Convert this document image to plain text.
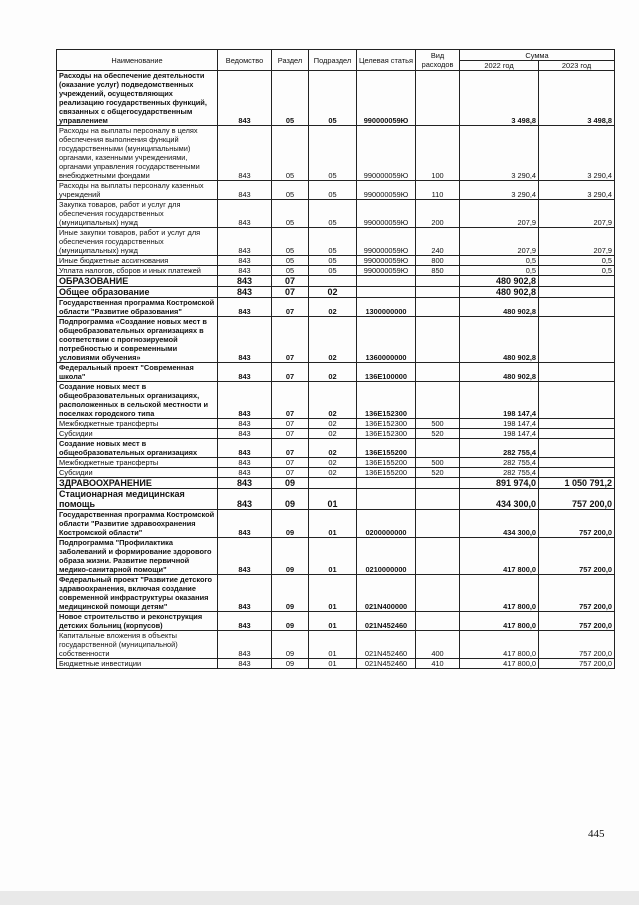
Наименование	Ведомство	Раздел	Подраздел	Целевая статья	Вид расходов	Сумма	
						2022 год	2023 год
Расходы на обеспечение деятельности (оказание услуг) подведомственных учреждений, осуществляющих реализацию государственных функций, связанных с общегосударственным управлением	843	05	05	990000059Ю		3 498,8	3 498,8
Расходы на выплаты персоналу в целях обеспечения выполнения функций государственными (муниципальными) органами, казенными учреждениями, органами управления государственными внебюджетными фондами	843	05	05	990000059Ю	100	3 290,4	3 290,4
Расходы на выплаты персоналу казенных учреждений	843	05	05	990000059Ю	110	3 290,4	3 290,4
Закупка товаров, работ и услуг для обеспечения государственных (муниципальных) нужд	843	05	05	990000059Ю	200	207,9	207,9
Иные закупки товаров, работ и услуг для обеспечения государственных (муниципальных) нужд	843	05	05	990000059Ю	240	207,9	207,9
Иные бюджетные ассигнования	843	05	05	990000059Ю	800	0,5	0,5
Уплата налогов, сборов и иных платежей	843	05	05	990000059Ю	850	0,5	0,5
ОБРАЗОВАНИЕ	843	07				480 902,8	
Общее образование	843	07	02			480 902,8	
Государственная программа Костромской области "Развитие образования"	843	07	02	1300000000		480 902,8	
Подпрограмма «Создание новых мест в общеобразовательных организациях в соответствии с прогнозируемой потребностью и современными условиями обучения»	843	07	02	1360000000		480 902,8	
Федеральный проект "Современная школа"	843	07	02	136E100000		480 902,8	
Создание новых мест в общеобразовательных организациях, расположенных в сельской местности и поселках городского типа	843	07	02	136E152300		198 147,4	
Межбюджетные трансферты	843	07	02	136E152300	500	198 147,4	
Субсидии	843	07	02	136E152300	520	198 147,4	
Создание новых мест в общеобразовательных организациях	843	07	02	136E155200		282 755,4	
Межбюджетные трансферты	843	07	02	136E155200	500	282 755,4	
Субсидии	843	07	02	136E155200	520	282 755,4	
ЗДРАВООХРАНЕНИЕ	843	09				891 974,0	1 050 791,2
Стационарная медицинская помощь	843	09	01			434 300,0	757 200,0
Государственная программа Костромской области "Развитие здравоохранения Костромской области"	843	09	01	0200000000		434 300,0	757 200,0
Подпрограмма "Профилактика заболеваний и формирование здорового образа жизни. Развитие первичной медико-санитарной помощи"	843	09	01	0210000000		417 800,0	757 200,0
Федеральный проект "Развитие детского здравоохранения, включая создание современной инфраструктуры оказания медицинской помощи детям"	843	09	01	021N400000		417 800,0	757 200,0
Новое строительство и реконструкция детских больниц (корпусов)	843	09	01	021N452460		417 800,0	757 200,0
Капитальные вложения в объекты государственной (муниципальной) собственности	843	09	01	021N452460	400	417 800,0	757 200,0
Бюджетные инвестиции	843	09	01	021N452460	410	417 800,0	757 200,0
445
